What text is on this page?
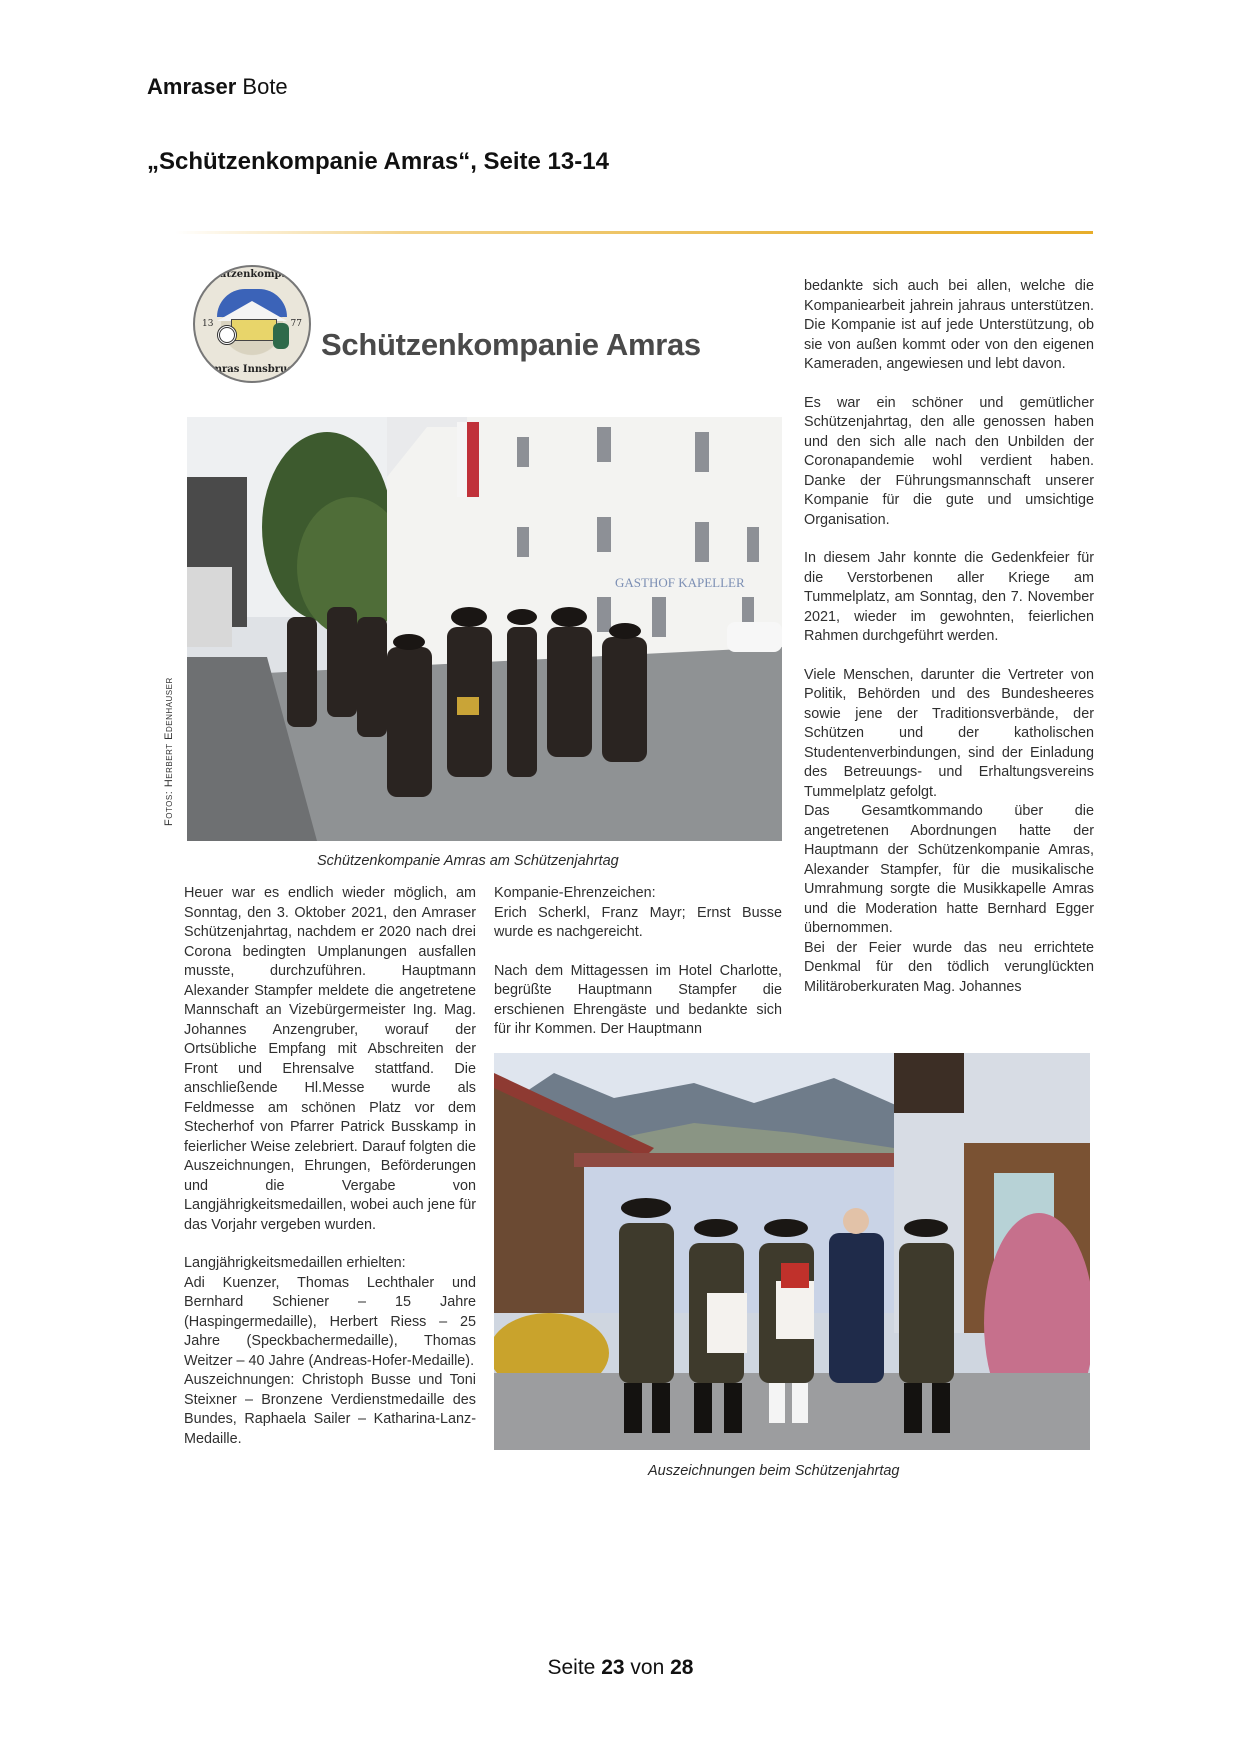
Amraser Bote
„Schützenkompanie Amras“, Seite 13-14
Schützenkompanie
13	77
Amras Innsbruck
Schützenkompanie Amras
GASTHOF KAPELLER
Fotos: Herbert Edenhauser
Schützenkompanie Amras am Schützenjahrtag

Heuer war es endlich wieder möglich, am Sonntag, den 3. Oktober 2021, den Amraser Schützenjahrtag, nachdem er 2020 nach drei Corona bedingten Umplanungen ausfallen musste, durchzuführen. Hauptmann Alexander Stampfer meldete die angetretene Mannschaft an Vizebürgermeister Ing. Mag. Johannes Anzengruber, worauf der Ortsübliche Empfang mit Abschreiten der Front und Ehrensalve stattfand. Die anschließende Hl.Messe wurde als Feldmesse am schönen Platz vor dem Stecherhof von Pfarrer Patrick Busskamp in feierlicher Weise zelebriert. Darauf folgten die Auszeichnungen, Ehrungen, Beförderungen und die Vergabe von Langjährigkeitsmedaillen, wobei auch jene für das Vorjahr vergeben wurden.

Langjährigkeitsmedaillen erhielten:

Adi Kuenzer, Thomas Lechthaler und Bernhard Schiener – 15 Jahre (Haspingermedaille), Herbert Riess – 25 Jahre (Speckbachermedaille), Thomas Weitzer – 40 Jahre (Andreas-Hofer-Medaille).

Auszeichnungen: Christoph Busse und Toni Steixner – Bronzene Verdienstmedaille des Bundes, Raphaela Sailer – Katharina-Lanz-Medaille.

Kompanie-Ehrenzeichen:

Erich Scherkl, Franz Mayr; Ernst Busse wurde es nachgereicht.

Nach dem Mittagessen im Hotel Charlotte, begrüßte Hauptmann Stampfer die erschienen Ehrengäste und bedankte sich für ihr Kommen. Der Hauptmann

bedankte sich auch bei allen, welche die Kompaniearbeit jahrein jahraus unterstützen. Die Kompanie ist auf jede Unterstützung, ob sie von außen kommt oder von den eigenen Kameraden, angewiesen und lebt davon.

Es war ein schöner und gemütlicher Schützenjahrtag, den alle genossen haben und den sich alle nach den Unbilden der Coronapandemie wohl verdient haben. Danke der Führungsmannschaft unserer Kompanie für die gute und umsichtige Organisation.

In diesem Jahr konnte die Gedenkfeier für die Verstorbenen aller Kriege am Tummelplatz, am Sonntag, den 7. November 2021, wieder im gewohnten, feierlichen Rahmen durchgeführt werden.

Viele Menschen, darunter die Vertreter von Politik, Behörden und des Bundesheeres sowie jene der Traditionsverbände, der Schützen und der katholischen Studentenverbindungen, sind der Einladung des Betreuungs- und Erhaltungsvereins Tummelplatz gefolgt.

Das Gesamtkommando über die angetretenen Abordnungen hatte der Hauptmann der Schützenkompanie Amras, Alexander Stampfer, für die musikalische Umrahmung sorgte die Musikkapelle Amras und die Moderation hatte Bernhard Egger übernommen.

Bei der Feier wurde das neu errichtete Denkmal für den tödlich verunglückten Militäroberkuraten Mag. Johannes

Auszeichnungen beim Schützenjahrtag
Seite 23 von 28
